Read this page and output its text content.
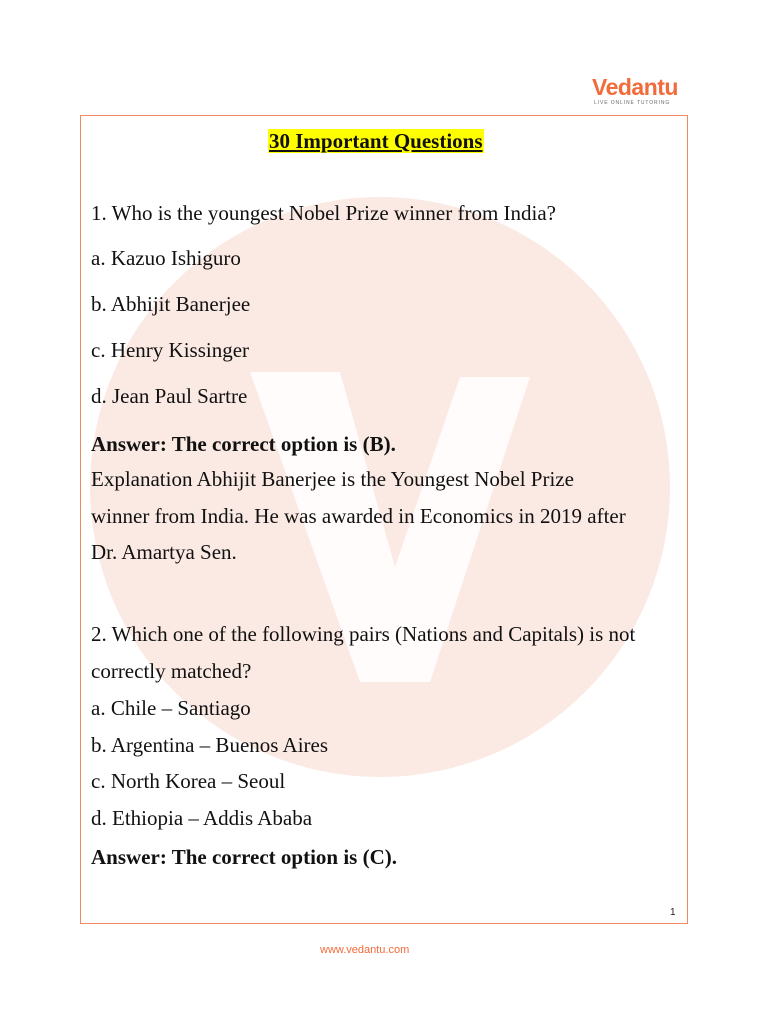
Vedantu
LIVE ONLINE TUTORING
30 Important Questions
1. Who is the youngest Nobel Prize winner from India?
a. Kazuo Ishiguro
b. Abhijit Banerjee
c. Henry Kissinger
d. Jean Paul Sartre
Answer: The correct option is (B).
Explanation Abhijit Banerjee is the Youngest Nobel Prize
winner from India. He was awarded in Economics in 2019 after
Dr. Amartya Sen.
2. Which one of the following pairs (Nations and Capitals) is not
correctly matched?
a. Chile – Santiago
b. Argentina – Buenos Aires
c. North Korea – Seoul
d. Ethiopia – Addis Ababa
Answer: The correct option is (C).
1
www.vedantu.com
